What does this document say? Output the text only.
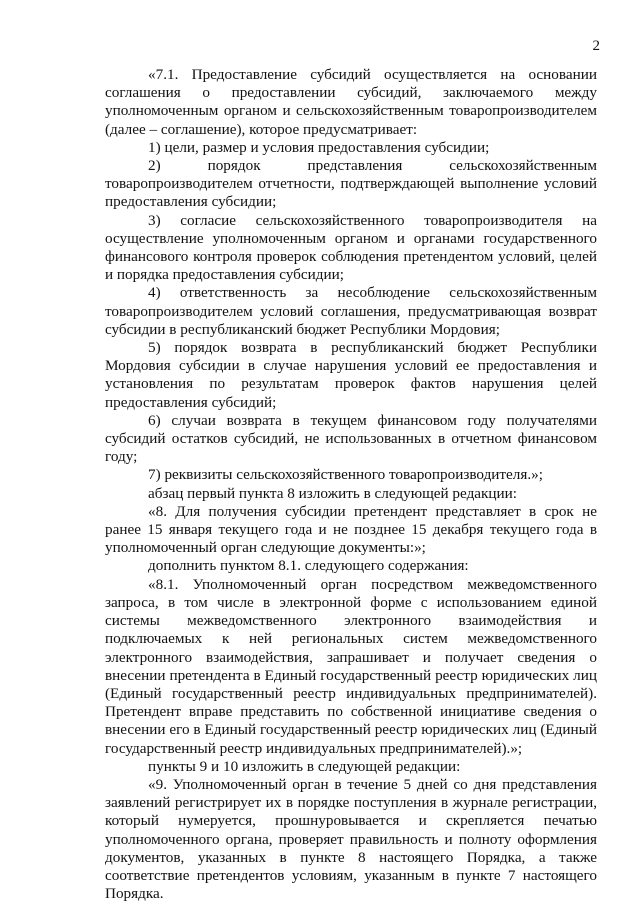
2

«7.1. Предоставление субсидий осуществляется на основании соглашения о предоставлении субсидий, заключаемого между уполномоченным органом и сельскохозяйственным товаропроизводителем (далее – соглашение), которое предусматривает:

1) цели, размер и условия предоставления субсидии;

2) порядок представления сельскохозяйственным товаропроизводителем отчетности, подтверждающей выполнение условий предоставления субсидии;

3) согласие сельскохозяйственного товаропроизводителя на осуществление уполномоченным органом и органами государственного финансового контроля проверок соблюдения претендентом условий, целей и порядка предоставления субсидии;

4) ответственность за несоблюдение сельскохозяйственным товаропроизводителем условий соглашения, предусматривающая возврат субсидии в республиканский бюджет Республики Мордовия;

5) порядок возврата в республиканский бюджет Республики Мордовия субсидии в случае нарушения условий ее предоставления и установления по результатам проверок фактов нарушения целей предоставления субсидий;

6) случаи возврата в текущем финансовом году получателями субсидий остатков субсидий, не использованных в отчетном финансовом году;

7) реквизиты сельскохозяйственного товаропроизводителя.»;

абзац первый пункта 8 изложить в следующей редакции:

«8. Для получения субсидии претендент представляет в срок не ранее 15 января текущего года и не позднее 15 декабря текущего года в уполномоченный орган следующие документы:»;

дополнить пунктом 8.1. следующего содержания:

«8.1. Уполномоченный орган посредством межведомственного запроса, в том числе в электронной форме с использованием единой системы межведомственного электронного взаимодействия и подключаемых к ней региональных систем межведомственного электронного взаимодействия, запрашивает и получает сведения о внесении претендента в Единый государственный реестр юридических лиц (Единый государственный реестр индивидуальных предпринимателей). Претендент вправе представить по собственной инициативе сведения о внесении его в Единый государственный реестр юридических лиц (Единый государственный реестр индивидуальных предпринимателей).»;

пункты 9 и 10 изложить в следующей редакции:

«9. Уполномоченный орган в течение 5 дней со дня представления заявлений регистрирует их в порядке поступления в журнале регистрации, который нумеруется, прошнуровывается и скрепляется печатью уполномоченного органа, проверяет правильность и полноту оформления документов, указанных в пункте 8 настоящего Порядка, а также соответствие претендентов условиям, указанным в пункте 7 настоящего Порядка.
